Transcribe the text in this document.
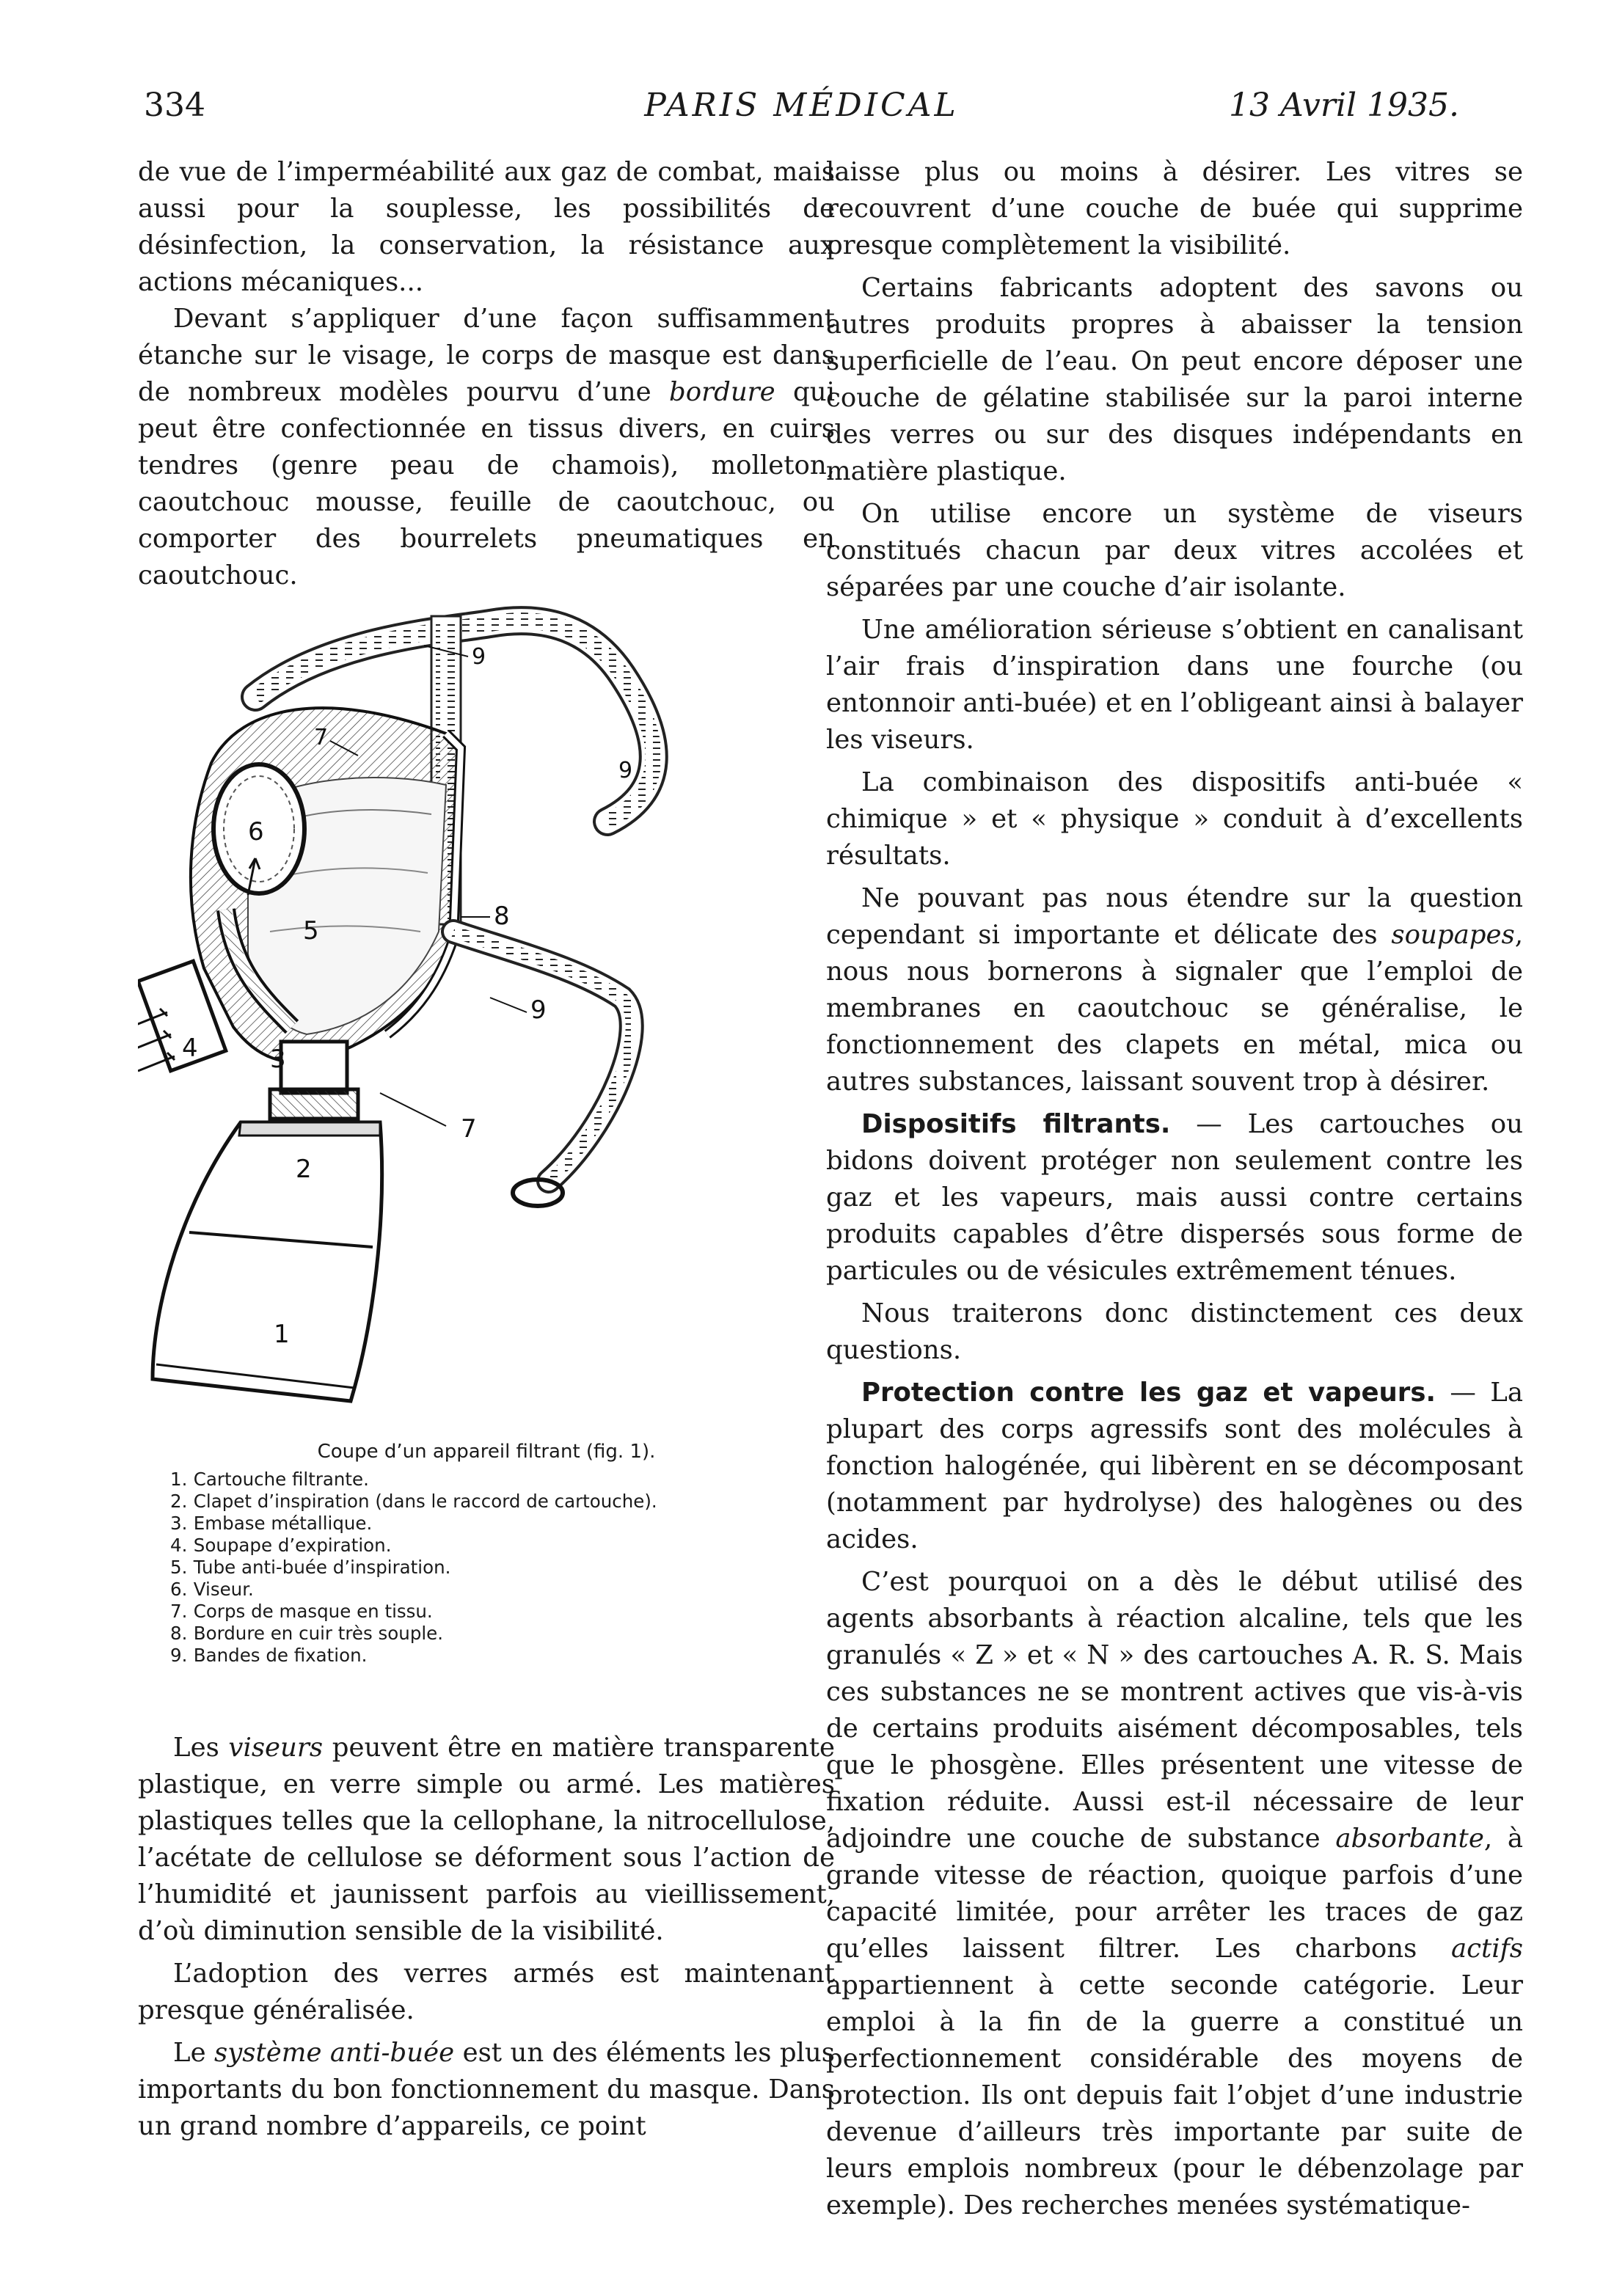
334	PARIS MÉDICAL	13 Avril 1935.

de vue de l’imperméabilité aux gaz de combat, mais aussi pour la souplesse, les possibilités de désinfection, la conservation, la résistance aux actions mécaniques...

Devant s’appliquer d’une façon suffisamment étanche sur le visage, le corps de masque est dans de nombreux modèles pourvu d’une bordure qui peut être confectionnée en tissus divers, en cuirs tendres (genre peau de chamois), molleton, caoutchouc mousse, feuille de caoutchouc, ou comporter des bourrelets pneumatiques en caoutchouc.

1
2
3
4
5
6
7
8
9
7
9
9
Coupe d’un appareil filtrant (fig. 1).
1. Cartouche filtrante.
2. Clapet d’inspiration (dans le raccord de cartouche).
3. Embase métallique.
4. Soupape d’expiration.
5. Tube anti-buée d’inspiration.
6. Viseur.
7. Corps de masque en tissu.
8. Bordure en cuir très souple.
9. Bandes de fixation.

Les viseurs peuvent être en matière transparente plastique, en verre simple ou armé. Les matières plastiques telles que la cellophane, la nitrocellulose, l’acétate de cellulose se déforment sous l’action de l’humidité et jaunissent parfois au vieillissement, d’où diminution sensible de la visibilité.

L’adoption des verres armés est maintenant presque généralisée.

Le système anti-buée est un des éléments les plus importants du bon fonctionnement du masque. Dans un grand nombre d’appareils, ce point

laisse plus ou moins à désirer. Les vitres se recouvrent d’une couche de buée qui supprime presque complètement la visibilité.

Certains fabricants adoptent des savons ou autres produits propres à abaisser la tension superficielle de l’eau. On peut encore déposer une couche de gélatine stabilisée sur la paroi interne des verres ou sur des disques indépendants en matière plastique.

On utilise encore un système de viseurs constitués chacun par deux vitres accolées et séparées par une couche d’air isolante.

Une amélioration sérieuse s’obtient en canalisant l’air frais d’inspiration dans une fourche (ou entonnoir anti-buée) et en l’obligeant ainsi à balayer les viseurs.

La combinaison des dispositifs anti-buée « chimique » et « physique » conduit à d’excellents résultats.

Ne pouvant pas nous étendre sur la question cependant si importante et délicate des soupapes, nous nous bornerons à signaler que l’emploi de membranes en caoutchouc se généralise, le fonctionnement des clapets en métal, mica ou autres substances, laissant souvent trop à désirer.

Dispositifs filtrants. — Les cartouches ou bidons doivent protéger non seulement contre les gaz et les vapeurs, mais aussi contre certains produits capables d’être dispersés sous forme de particules ou de vésicules extrêmement ténues.

Nous traiterons donc distinctement ces deux questions.

Protection contre les gaz et vapeurs. — La plupart des corps agressifs sont des molécules à fonction halogénée, qui libèrent en se décomposant (notamment par hydrolyse) des halogènes ou des acides.

C’est pourquoi on a dès le début utilisé des agents absorbants à réaction alcaline, tels que les granulés « Z » et « N » des cartouches A. R. S. Mais ces substances ne se montrent actives que vis-à-vis de certains produits aisément décomposables, tels que le phosgène. Elles présentent une vitesse de fixation réduite. Aussi est-il nécessaire de leur adjoindre une couche de substance absorbante, à grande vitesse de réaction, quoique parfois d’une capacité limitée, pour arrêter les traces de gaz qu’elles laissent filtrer. Les charbons actifs appartiennent à cette seconde catégorie. Leur emploi à la fin de la guerre a constitué un perfectionnement considérable des moyens de protection. Ils ont depuis fait l’objet d’une industrie devenue d’ailleurs très importante par suite de leurs emplois nombreux (pour le débenzolage par exemple). Des recherches menées systématique-
